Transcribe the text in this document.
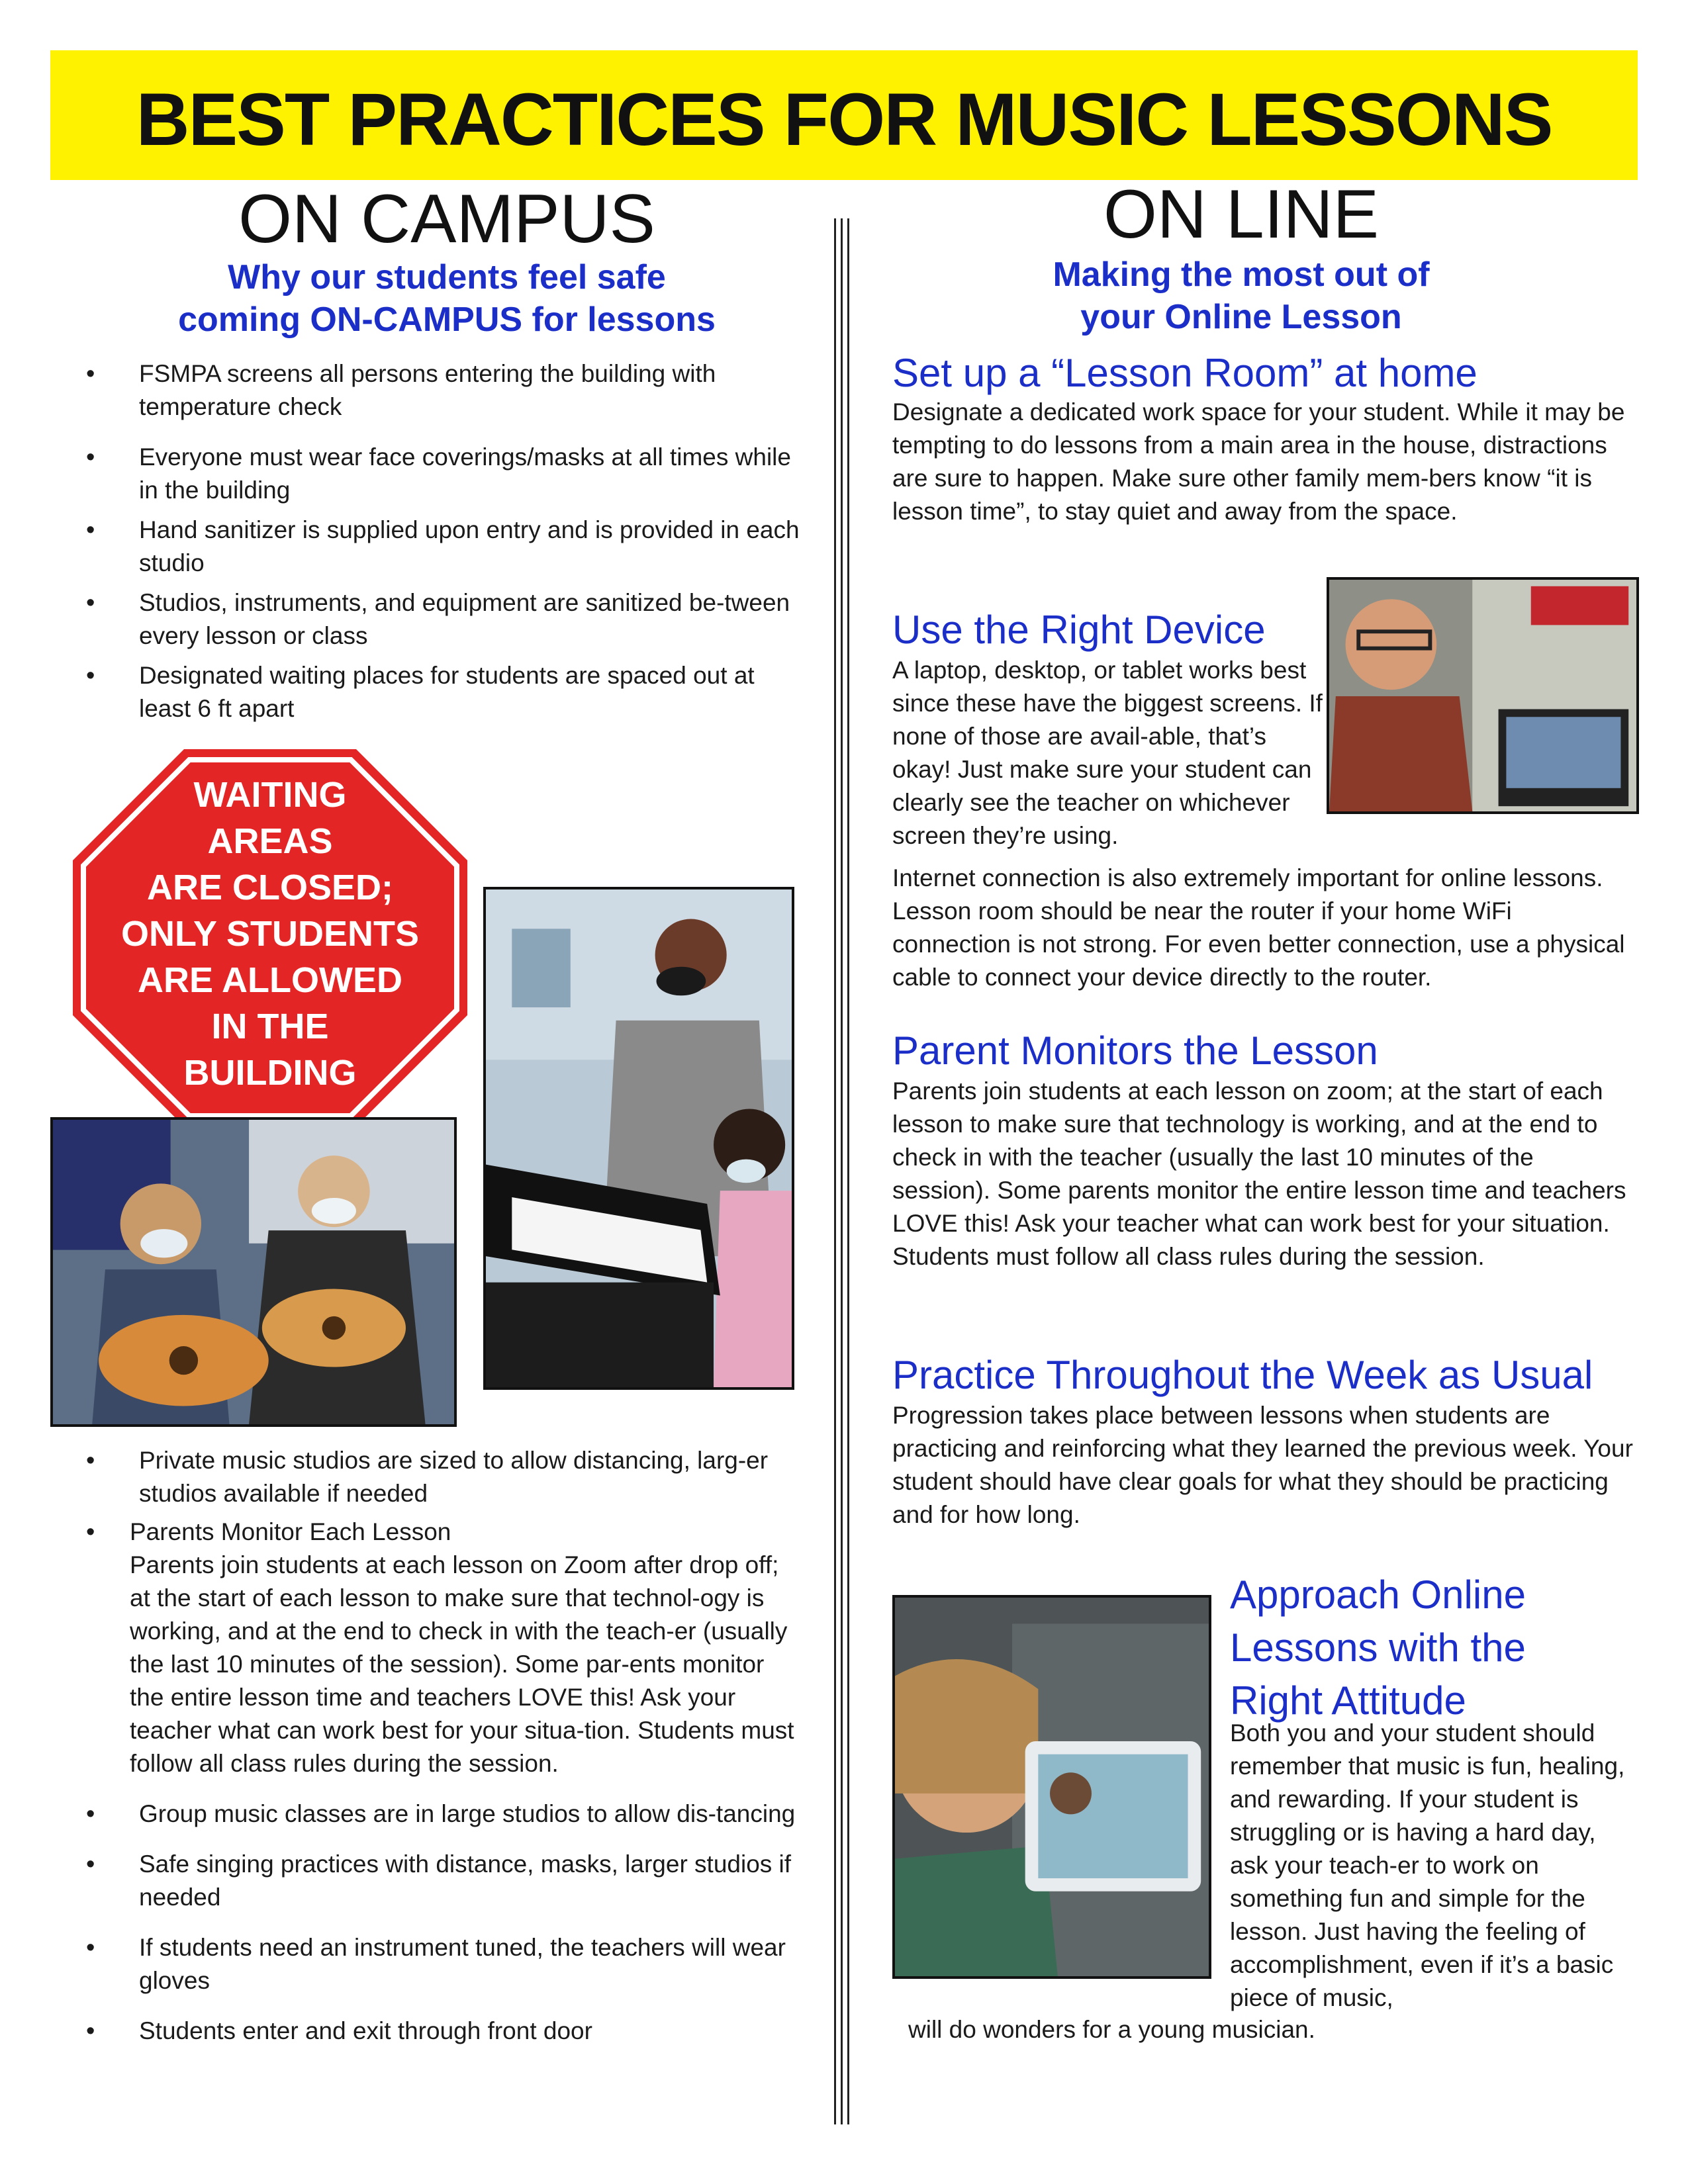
BEST PRACTICES FOR MUSIC LESSONS
ON CAMPUS
Why our students feel safe
coming ON-CAMPUS for lessons
• FSMPA screens all persons entering the building with temperature check
• Everyone must wear face coverings/masks at all times while in the building
• Hand sanitizer is supplied upon entry and is provided in each studio
• Studios, instruments, and equipment are sanitized be-tween every lesson or class
• Designated waiting places for students are spaced out at least 6 ft apart
WAITING
AREAS
ARE CLOSED;
ONLY STUDENTS
ARE ALLOWED
IN THE
BUILDING
• Private music studios are sized to allow distancing, larg-er studios available if needed
• Parents Monitor Each Lesson
Parents join students at each lesson on Zoom after drop off; at the start of each lesson to make sure that technol-ogy is working, and at the end to check in with the teach-er (usually the last 10 minutes of the session). Some par-ents monitor the entire lesson time and teachers LOVE this! Ask your teacher what can work best for your situa-tion. Students must follow all class rules during the session.
• Group music classes are in large studios to allow dis-tancing
• Safe singing practices with distance, masks, larger studios if needed
• If students need an instrument tuned, the teachers will wear gloves
• Students enter and exit through front door
ON LINE
Making the most out of
your Online Lesson
Set up a “Lesson Room” at home
Designate a dedicated work space for your student. While it may be tempting to do lessons from a main area in the house, distractions are sure to happen. Make sure other family mem-bers know “it is lesson time”, to stay quiet and away from the space.
Use the Right Device
A laptop, desktop, or tablet works best since these have the biggest screens. If none of those are avail-able, that’s okay! Just make sure your student can clearly see the teacher on whichever screen they’re using.
Internet connection is also extremely important for online lessons. Lesson room should be near the router if your home WiFi connection is not strong. For even better connection, use a physical cable to connect your device directly to the router.
Parent Monitors the Lesson
Parents join students at each lesson on zoom; at the start of each lesson to make sure that technology is working, and at the end to check in with the teacher (usually the last 10 minutes of the session). Some parents monitor the entire lesson time and teachers LOVE this! Ask your teacher what can work best for your situation. Students must follow all class rules during the session.
Practice Throughout the Week as Usual
Progression takes place between lessons when students are practicing and reinforcing what they learned the previous week. Your student should have clear goals for what they should be practicing and for how long.
Approach Online Lessons with the Right Attitude
Both you and your student should remember that music is fun, healing, and rewarding. If your student is struggling or is having a hard day, ask your teach-er to work on something fun and simple for the lesson. Just having the feeling of accomplishment, even if it’s a basic piece of music,
will do wonders for a young musician.
